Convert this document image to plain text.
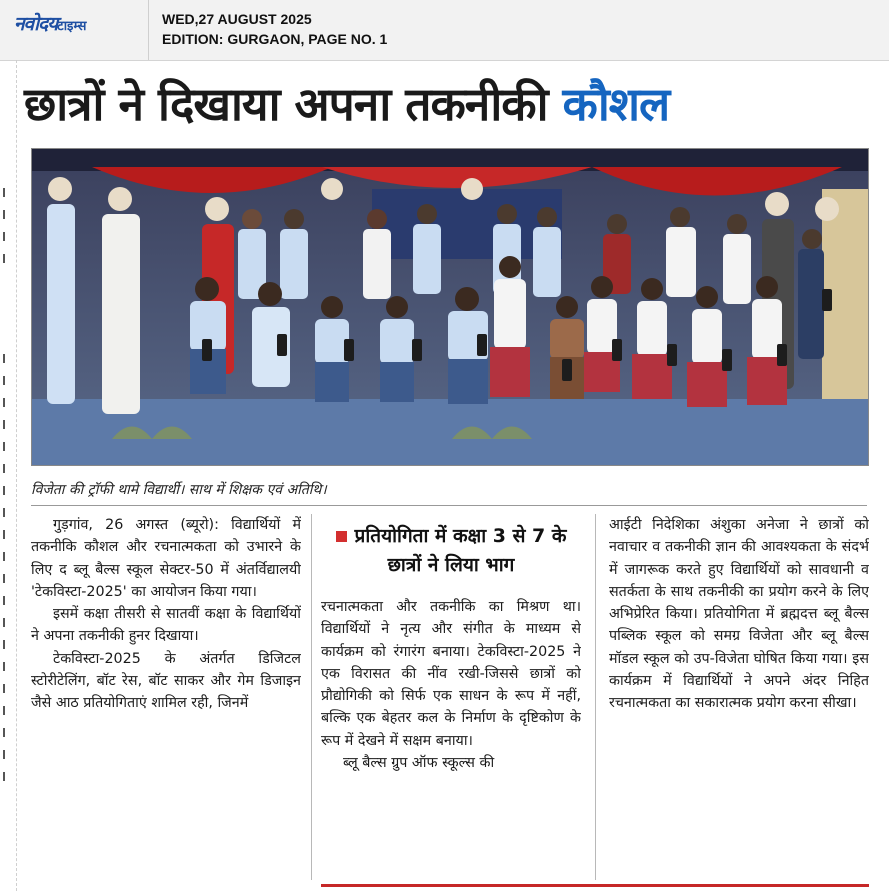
नवोदयटाइम्स	WED,27 AUGUST 2025
EDITION: GURGAON, PAGE NO. 1
छात्रों ने दिखाया अपना तकनीकी कौशल
विजेता की ट्रॉफी थामे विद्यार्थी। साथ में शिक्षक एवं अतिथि।

गुड़गांव, 26 अगस्त (ब्यूरो): विद्यार्थियों में तकनीकि कौशल और रचनात्मकता को उभारने के लिए द ब्लू बैल्स स्कूल सेक्टर-50 में अंतर्विद्यालयी 'टेकविस्टा-2025' का आयोजन किया गया।

इसमें कक्षा तीसरी से सातवीं कक्षा के विद्यार्थियों ने अपना तकनीकी हुनर दिखाया।

टेकविस्टा-2025 के अंतर्गत डिजिटल स्टोरीटेलिंग, बॉट रेस, बॉट साकर और गेम डिजाइन जैसे आठ प्रतियोगिताएं शामिल रही, जिनमें

प्रतियोगिता में कक्षा 3 से 7 के छात्रों ने लिया भाग

रचनात्मकता और तकनीकि का मिश्रण था। विद्यार्थियों ने नृत्य और संगीत के माध्यम से कार्यक्रम को रंगारंग बनाया। टेकविस्टा-2025 ने एक विरासत की नींव रखी-जिससे छात्रों को प्रौद्योगिकी को सिर्फ एक साधन के रूप में नहीं, बल्कि एक बेहतर कल के निर्माण के दृष्टिकोण के रूप में देखने में सक्षम बनाया।

ब्लू बैल्स ग्रुप ऑफ स्कूल्स की

आईटी निदेशिका अंशुका अनेजा ने छात्रों को नवाचार व तकनीकी ज्ञान की आवश्यकता के संदर्भ में जागरूक करते हुए विद्यार्थियों को सावधानी व सतर्कता के साथ तकनीकी का प्रयोग करने के लिए अभिप्रेरित किया। प्रतियोगिता में ब्रह्मदत्त ब्लू बैल्स पब्लिक स्कूल को समग्र विजेता और ब्लू बैल्स मॉडल स्कूल को उप-विजेता घोषित किया गया। इस कार्यक्रम में विद्यार्थियों ने अपने अंदर निहित रचनात्मकता का सकारात्मक प्रयोग करना सीखा।
